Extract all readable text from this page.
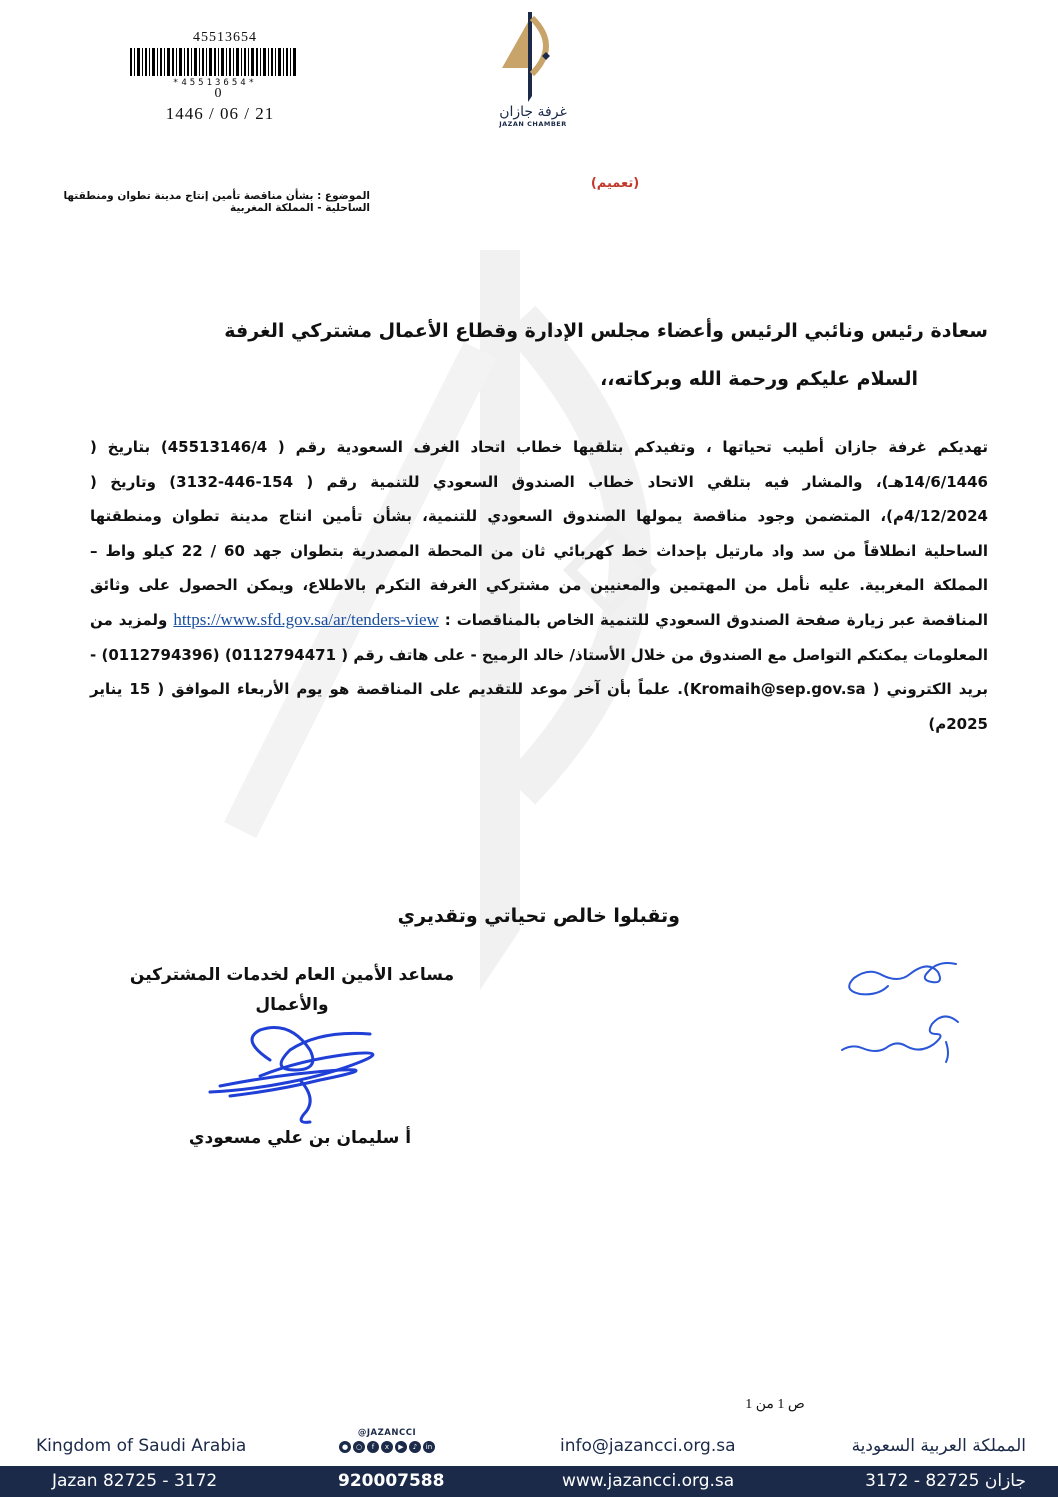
45513654
*45513654*
0
1446 / 06 / 21	غرفة جازان
JAZAN CHAMBER
(تعميم)
الموضوع : بشأن مناقصة تأمين إنتاج مدينة تطوان ومنطقتها
الساحلية - المملكة المغربية
سعادة رئيس ونائبي الرئيس وأعضاء مجلس الإدارة وقطاع الأعمال مشتركي الغرفة
السلام عليكم ورحمة الله وبركاته،،

تهديكم غرفة جازان أطيب تحياتها ، وتفيدكم بتلقيها خطاب اتحاد الغرف السعودية رقم ( 45513146/4) بتاريخ ( 14/6/1446هـ)، والمشار فيه بتلقي الاتحاد خطاب الصندوق السعودي للتنمية رقم ( 154-446-3132) وتاريخ ( 4/12/2024م)، المتضمن وجود مناقصة يمولها الصندوق السعودي للتنمية، بشأن تأمين انتاج مدينة تطوان ومنطقتها الساحلية انطلاقاً من سد واد مارتيل بإحداث خط كهربائي ثان من المحطة المصدرية بتطوان جهد 60 / 22 كيلو واط – المملكة المغربية. عليه نأمل من المهتمين والمعنيين من مشتركي الغرفة التكرم بالاطلاع، ويمكن الحصول على وثائق المناقصة عبر زيارة صفحة الصندوق السعودي للتنمية الخاص بالمناقصات : https://www.sfd.gov.sa/ar/tenders-view ولمزيد من المعلومات يمكنكم التواصل مع الصندوق من خلال الأستاذ/ خالد الرميح - على هاتف رقم ( 0112794471) (0112794396) - بريد الكتروني ( Kromaih@sep.gov.sa). علماً بأن آخر موعد للتقديم على المناقصة هو يوم الأربعاء الموافق ( 15 يناير 2025م)

وتقبلوا خالص تحياتي وتقديري
مساعد الأمين العام لخدمات المشتركين
والأعمال
أ سليمان بن علي مسعودي
ص 1 من 1
Kingdom of Saudi Arabia
@JAZANCCI
●	○	f	x	▶	♪	in	info@jazancci.org.sa	المملكة العربية السعودية
Jazan 82725 - 3172	920007588	www.jazancci.org.sa	جازان 82725 - 3172
